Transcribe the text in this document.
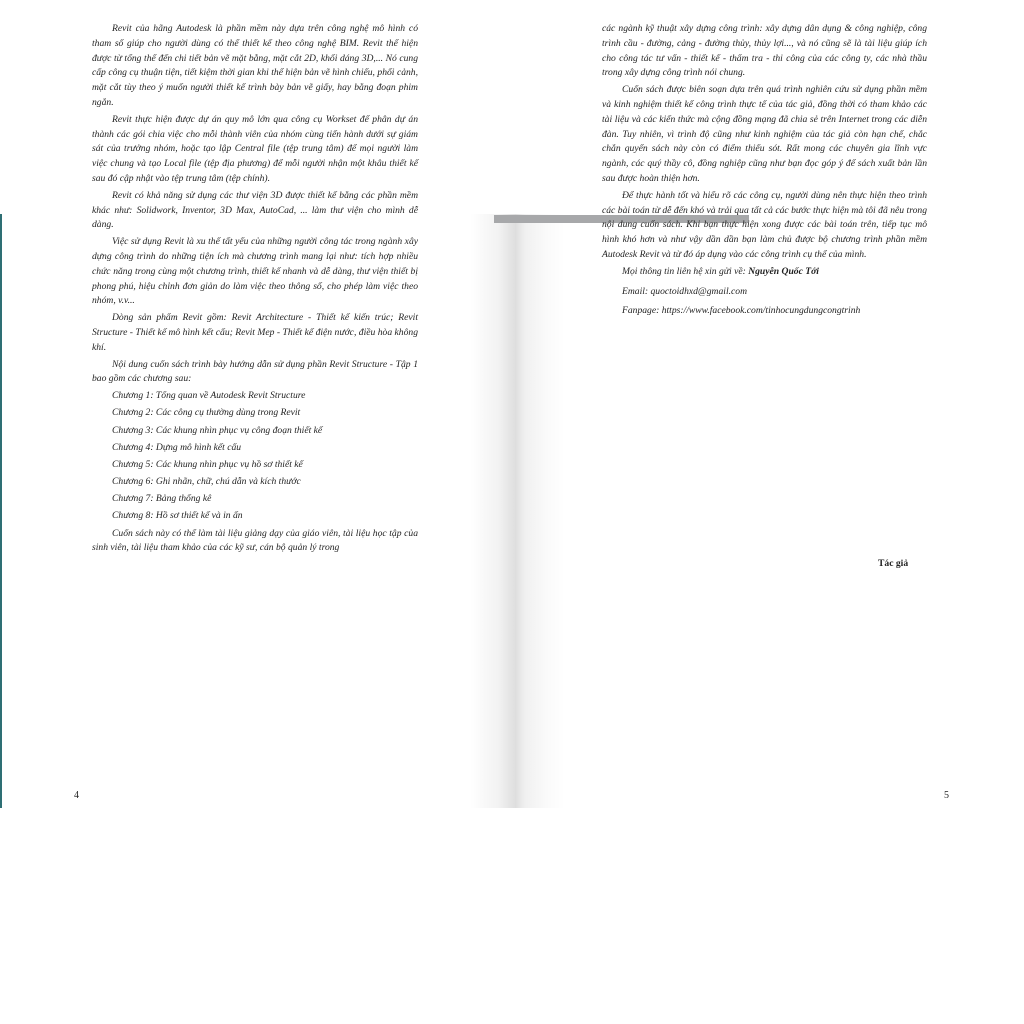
Revit của hãng Autodesk là phần mềm này dựa trên công nghệ mô hình có tham số giúp cho người dùng có thể thiết kế theo công nghệ BIM. Revit thể hiện được từ tổng thể đến chi tiết bản vẽ mặt bằng, mặt cắt 2D, khối dáng 3D,... Nó cung cấp công cụ thuận tiện, tiết kiệm thời gian khi thể hiện bản vẽ hình chiếu, phối cảnh, mặt cắt tùy theo ý muốn người thiết kế trình bày bản vẽ giấy, hay bằng đoạn phim ngắn.

Revit thực hiện được dự án quy mô lớn qua công cụ Workset để phân dự án thành các gói chia việc cho mỗi thành viên của nhóm cùng tiến hành dưới sự giám sát của trưởng nhóm, hoặc tạo lập Central file (tệp trung tâm) để mọi người làm việc chung và tạo Local file (tệp địa phương) để mỗi người nhận một khâu thiết kế sau đó cập nhật vào tệp trung tâm (tệp chính).

Revit có khả năng sử dụng các thư viện 3D được thiết kế bằng các phần mềm khác như: Solidwork, Inventor, 3D Max, AutoCad, ... làm thư viện cho mình dễ dàng.

Việc sử dụng Revit là xu thế tất yếu của những người công tác trong ngành xây dựng công trình do những tiện ích mà chương trình mang lại như: tích hợp nhiều chức năng trong cùng một chương trình, thiết kế nhanh và dễ dàng, thư viện thiết bị phong phú, hiệu chỉnh đơn giản do làm việc theo thông số, cho phép làm việc theo nhóm, v.v...

Dòng sản phẩm Revit gồm: Revit Architecture - Thiết kế kiến trúc; Revit Structure - Thiết kế mô hình kết cấu; Revit Mep - Thiết kế điện nước, điều hòa không khí.

Nội dung cuốn sách trình bày hướng dẫn sử dụng phần Revit Structure - Tập 1 bao gồm các chương sau:

Chương 1: Tổng quan về Autodesk Revit Structure

Chương 2: Các công cụ thường dùng trong Revit

Chương 3: Các khung nhìn phục vụ công đoạn thiết kế

Chương 4: Dựng mô hình kết cấu

Chương 5: Các khung nhìn phục vụ hồ sơ thiết kế

Chương 6: Ghi nhãn, chữ, chú dẫn và kích thước

Chương 7: Bảng thống kê

Chương 8: Hồ sơ thiết kế và in ấn

Cuốn sách này có thể làm tài liệu giảng dạy của giáo viên, tài liệu học tập của sinh viên, tài liệu tham khảo của các kỹ sư, cán bộ quản lý trong

các ngành kỹ thuật xây dựng công trình: xây dựng dân dụng & công nghiệp, công trình cầu - đường, cảng - đường thủy, thủy lợi..., và nó cũng sẽ là tài liệu giúp ích cho công tác tư vấn - thiết kế - thẩm tra - thi công của các công ty, các nhà thầu trong xây dựng công trình nói chung.

Cuốn sách được biên soạn dựa trên quá trình nghiên cứu sử dụng phần mềm và kinh nghiệm thiết kế công trình thực tế của tác giả, đồng thời có tham khảo các tài liệu và các kiến thức mà cộng đồng mạng đã chia sẻ trên Internet trong các diễn đàn. Tuy nhiên, vì trình độ cũng như kinh nghiệm của tác giả còn hạn chế, chắc chắn quyển sách này còn có điểm thiếu sót. Rất mong các chuyên gia lĩnh vực ngành, các quý thầy cô, đồng nghiệp cũng như bạn đọc góp ý để sách xuất bản lần sau được hoàn thiện hơn.

Để thực hành tốt và hiểu rõ các công cụ, người dùng nên thực hiện theo trình các bài toán từ dễ đến khó và trải qua tất cả các bước thực hiện mà tôi đã nêu trong nội dung cuốn sách. Khi bạn thực hiện xong được các bài toán trên, tiếp tục mô hình khó hơn và như vậy dần dần bạn làm chủ được bộ chương trình phần mềm Autodesk Revit và từ đó áp dụng vào các công trình cụ thể của mình.

Mọi thông tin liên hệ xin gửi về: Nguyễn Quốc Tới

Email: quoctoidhxd@gmail.com

Fanpage: https://www.facebook.com/tinhocungdungcongtrinh

Tác giả
4	5
